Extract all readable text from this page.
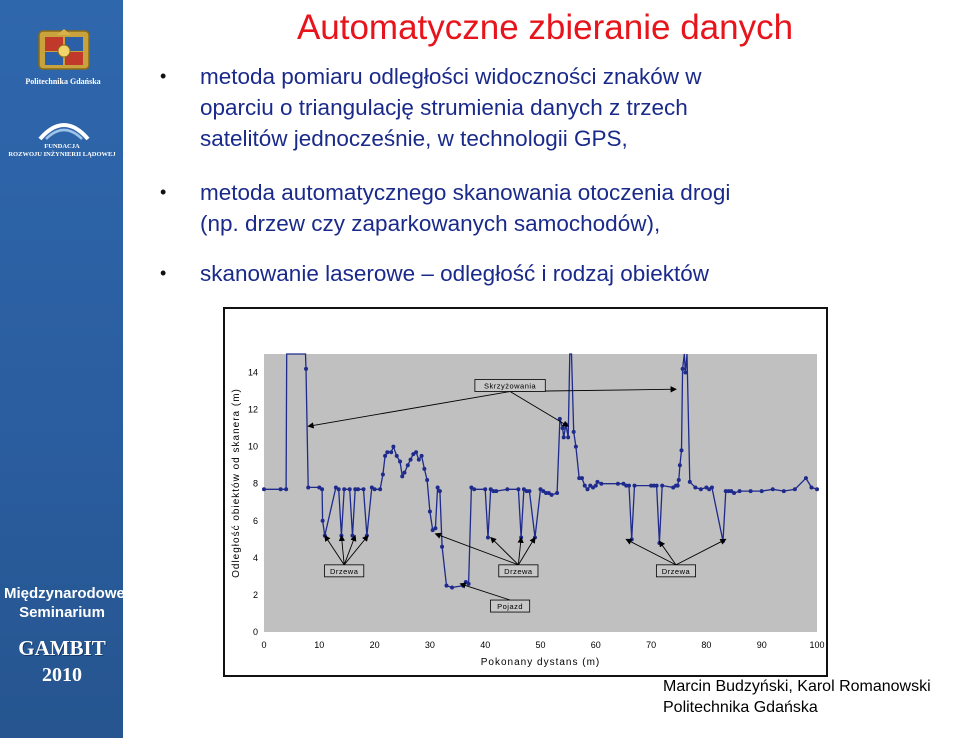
Politechnika Gdańska
FUNDACJA
ROZWOJU INŻYNIERII LĄDOWEJ
Międzynarodowe
Seminarium
GAMBIT
2010
Automatyczne zbieranie danych
• metoda pomiaru odległości widoczności znaków w
oparciu o triangulację strumienia danych z trzech
satelitów jednocześnie, w technologii GPS,
• metoda automatycznego skanowania otoczenia drogi
(np. drzew czy zaparkowanych samochodów),
• skanowanie laserowe – odległość i rodzaj obiektów
0
2
4
6
8
10
12
14
0	10	20	30	40	50	60	70	80	90	100
Pokonany dystans (m)
Odległość obiektów od skanera (m)
Skrzyżowania
Drzewa	Drzewa	Drzewa
Pojazd
Marcin Budzyński, Karol Romanowski
Politechnika Gdańska
